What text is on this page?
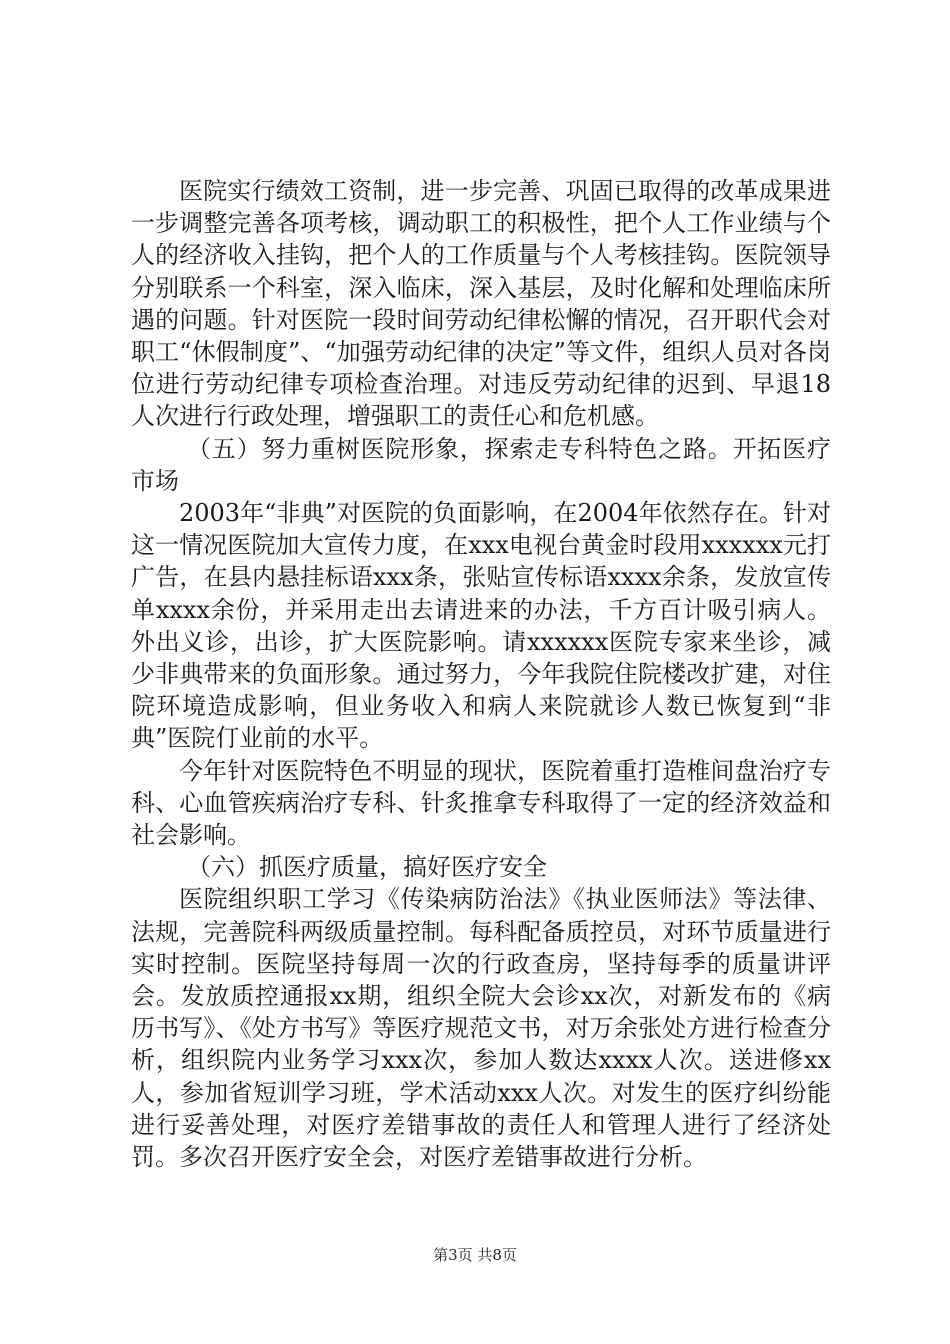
医院实行绩效工资制，进一步完善、巩固已取得的改革成果进一步调整完善各项考核，调动职工的积极性，把个人工作业绩与个人的经济收入挂钩，把个人的工作质量与个人考核挂钩。医院领导分别联系一个科室，深入临床，深入基层，及时化解和处理临床所遇的问题。针对医院一段时间劳动纪律松懈的情况，召开职代会对职工“休假制度”、“加强劳动纪律的决定”等文件，组织人员对各岗位进行劳动纪律专项检查治理。对违反劳动纪律的迟到、早退18人次进行行政处理，增强职工的责任心和危机感。

（五）努力重树医院形象，探索走专科特色之路。开拓医疗市场

2003年“非典”对医院的负面影响，在2004年依然存在。针对这一情况医院加大宣传力度，在xxx电视台黄金时段用xxxxxx元打广告，在县内悬挂标语xxx条，张贴宣传标语xxxx余条，发放宣传单xxxx余份，并采用走出去请进来的办法，千方百计吸引病人。外出义诊，出诊，扩大医院影响。请xxxxxx医院专家来坐诊，减少非典带来的负面形象。通过努力，今年我院住院楼改扩建，对住院环境造成影响，但业务收入和病人来院就诊人数已恢复到“非典”医院仃业前的水平。

今年针对医院特色不明显的现状，医院着重打造椎间盘治疗专科、心血管疾病治疗专科、针炙推拿专科取得了一定的经济效益和社会影响。

（六）抓医疗质量，搞好医疗安全

医院组织职工学习《传染病防治法》《执业医师法》等法律、法规，完善院科两级质量控制。每科配备质控员，对环节质量进行实时控制。医院坚持每周一次的行政查房，坚持每季的质量讲评会。发放质控通报xx期，组织全院大会诊xx次，对新发布的《病历书写》、《处方书写》等医疗规范文书，对万余张处方进行检查分析，组织院内业务学习xxx次，参加人数达xxxx人次。送进修xx人，参加省短训学习班，学术活动xxx人次。对发生的医疗纠纷能进行妥善处理，对医疗差错事故的责任人和管理人进行了经济处罚。多次召开医疗安全会，对医疗差错事故进行分析。

第3页 共8页
